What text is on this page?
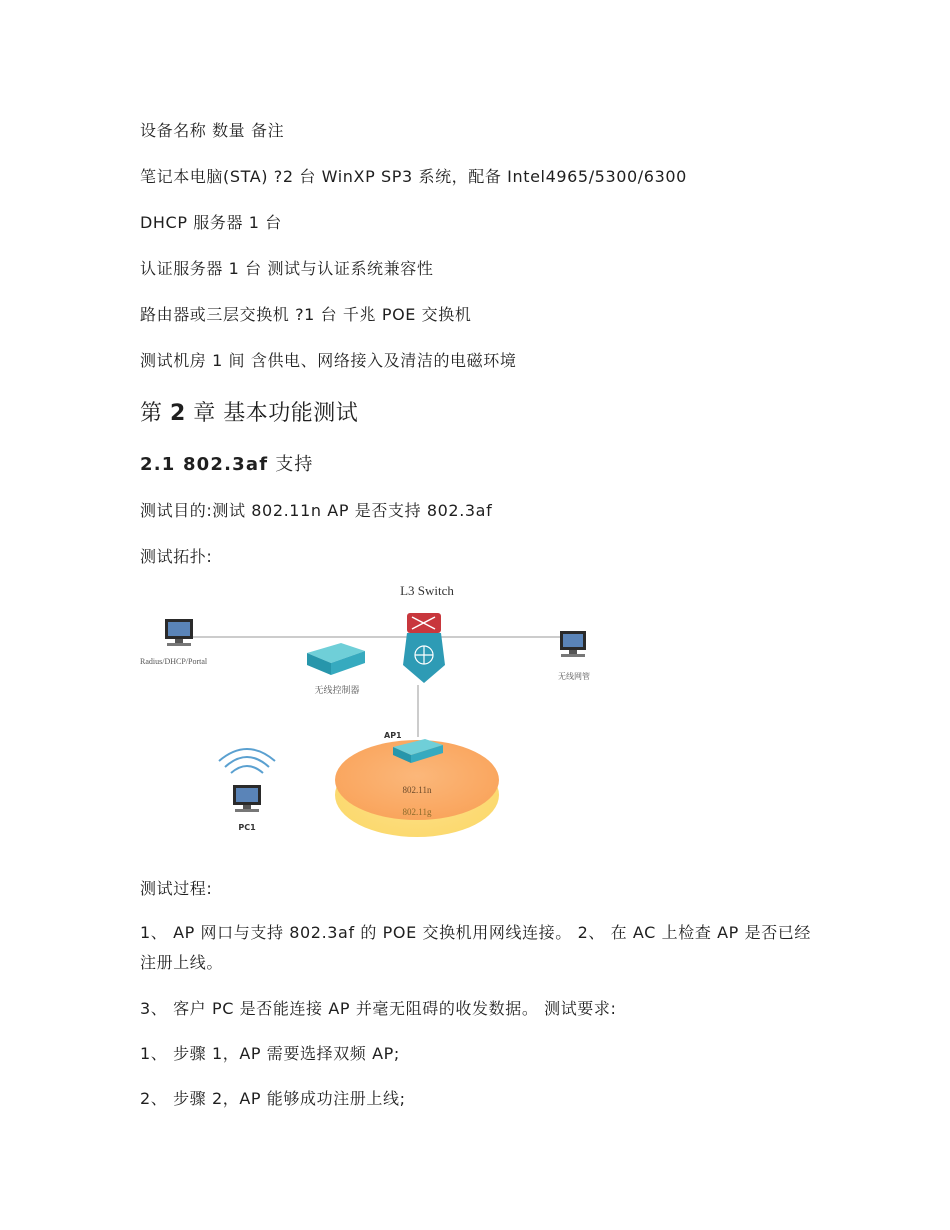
设备名称 数量 备注
笔记本电脑(STA) ?2 台 WinXP SP3 系统，配备 Intel4965/5300/6300
DHCP 服务器 1 台
认证服务器 1 台 测试与认证系统兼容性
路由器或三层交换机 ?1 台 千兆 POE 交换机
测试机房 1 间 含供电、网络接入及清洁的电磁环境
第 2 章 基本功能测试
2.1 802.3af 支持
测试目的:测试 802.11n AP 是否支持 802.3af
测试拓扑:
L3 Switch
Radius/DHCP/Portal
无线控制器
无线网管
AP1
802.11n
802.11g
PC1
测试过程:
1、 AP 网口与支持 802.3af 的 POE 交换机用网线连接。 2、 在 AC 上检查 AP 是否已经注册上线。
3、 客户 PC 是否能连接 AP 并毫无阻碍的收发数据。 测试要求:
1、 步骤 1，AP 需要选择双频 AP;
2、 步骤 2，AP 能够成功注册上线;
